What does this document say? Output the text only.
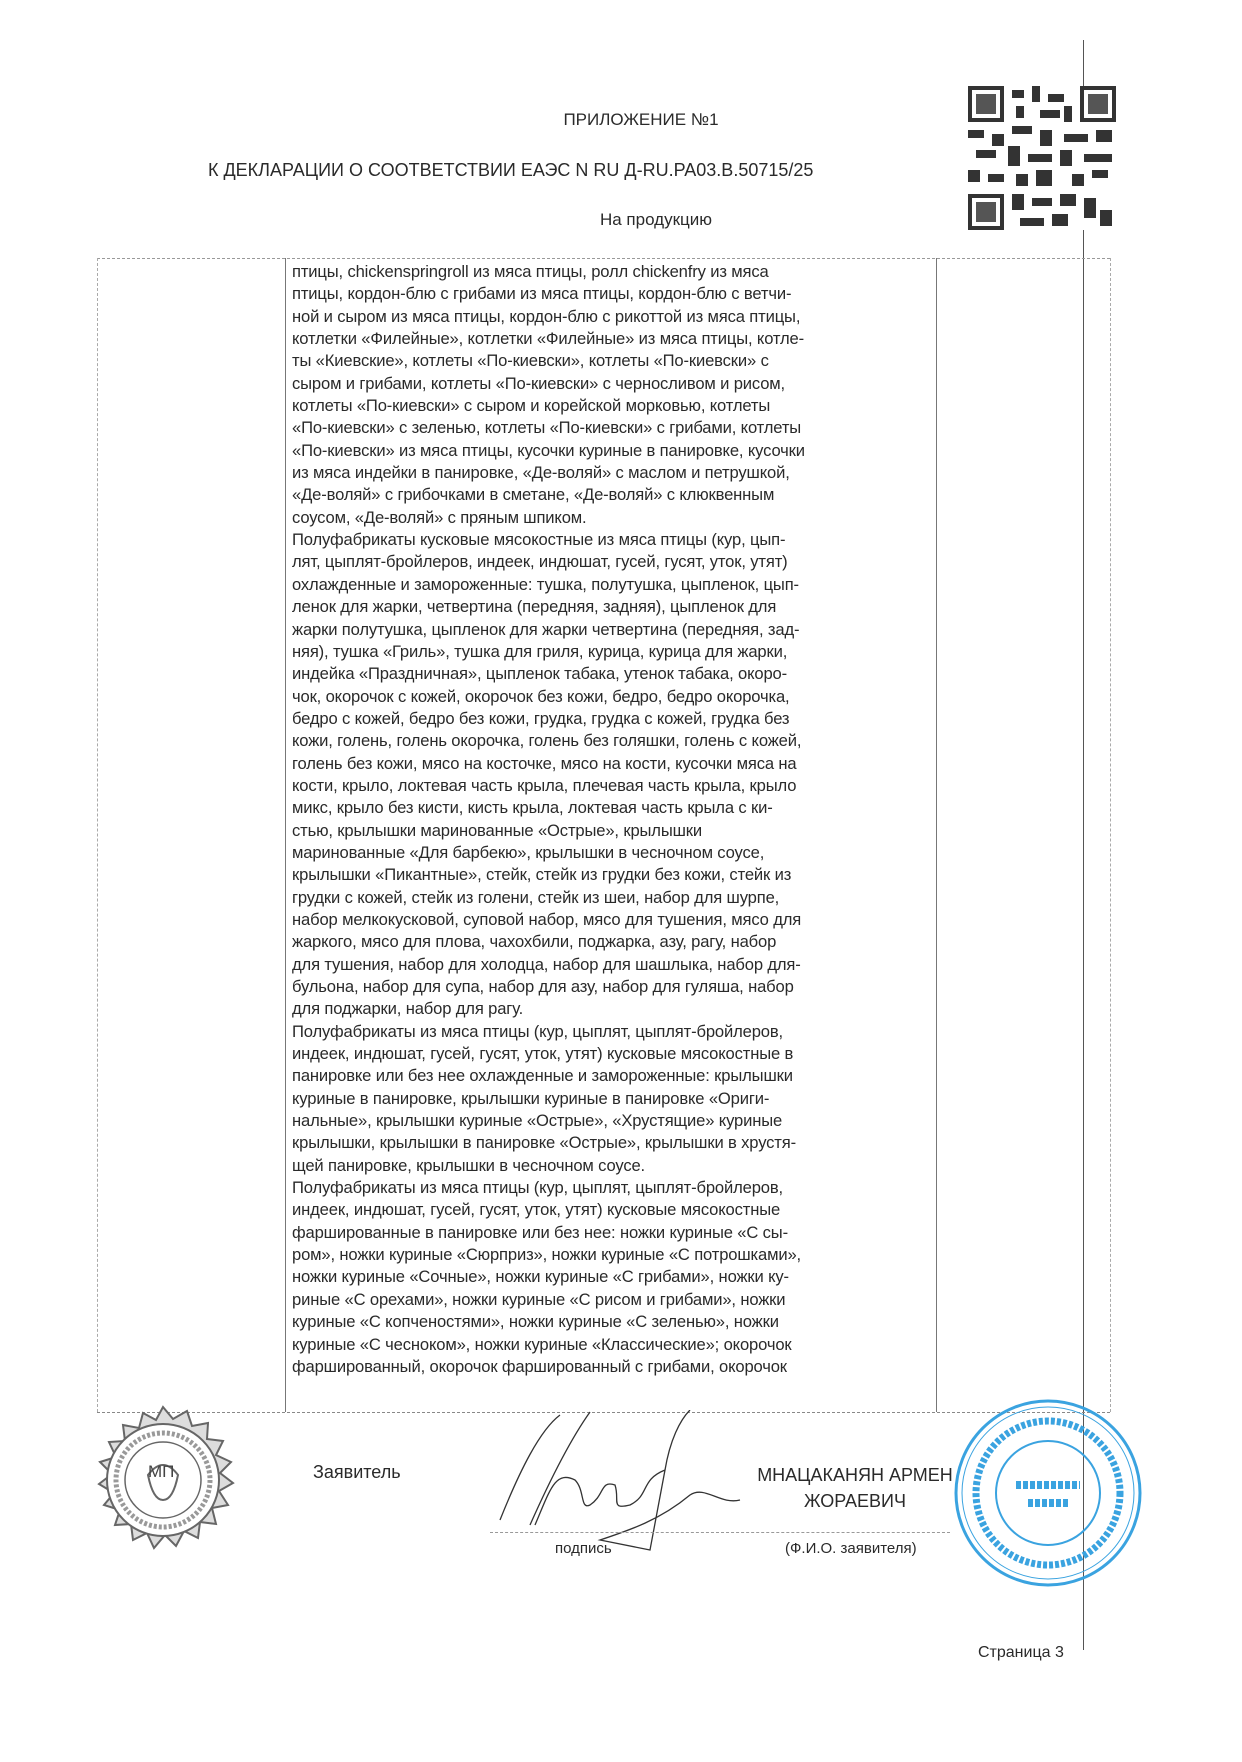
ПРИЛОЖЕНИЕ №1
К ДЕКЛАРАЦИИ О СООТВЕТСТВИИ ЕАЭС N RU Д-RU.PA03.B.50715/25
На продукцию
птицы, chickenspringroll из мяса птицы, ролл chickenfry из мяса
птицы, кордон-блю с грибами из мяса птицы, кордон-блю с ветчи-
ной и сыром из мяса птицы, кордон-блю с рикоттой из мяса птицы,
котлетки «Филейные», котлетки «Филейные» из мяса птицы, котле-
ты «Киевские», котлеты «По-киевски», котлеты «По-киевски» с
сыром и грибами, котлеты «По-киевски» с черносливом и рисом,
котлеты «По-киевски» с сыром и корейской морковью, котлеты
«По-киевски» с зеленью, котлеты «По-киевски» с грибами, котлеты
«По-киевски» из мяса птицы, кусочки куриные в панировке, кусочки
из мяса индейки в панировке, «Де-воляй» с маслом и петрушкой,
«Де-воляй» с грибочками в сметане, «Де-воляй» с клюквенным
соусом, «Де-воляй» с пряным шпиком.
Полуфабрикаты кусковые мясокостные из мяса птицы (кур, цып-
лят, цыплят-бройлеров, индеек, индюшат, гусей, гусят, уток, утят)
охлажденные и замороженные: тушка, полутушка, цыпленок, цып-
ленок для жарки, четвертина (передняя, задняя), цыпленок для
жарки полутушка, цыпленок для жарки четвертина (передняя, зад-
няя), тушка «Гриль», тушка для гриля, курица, курица для жарки,
индейка «Праздничная», цыпленок табака, утенок табака, окоро-
чок, окорочок с кожей, окорочок без кожи, бедро, бедро окорочка,
бедро с кожей, бедро без кожи, грудка, грудка с кожей, грудка без
кожи, голень, голень окорочка, голень без голяшки, голень с кожей,
голень без кожи, мясо на косточке, мясо на кости, кусочки мяса на
кости, крыло, локтевая часть крыла, плечевая часть крыла, крыло
микс, крыло без кисти, кисть крыла, локтевая часть крыла с ки-
стью, крылышки маринованные «Острые», крылышки
маринованные «Для барбекю», крылышки в чесночном соусе,
крылышки «Пикантные», стейк, стейк из грудки без кожи, стейк из
грудки с кожей, стейк из голени, стейк из шеи, набор для шурпе,
набор мелкокусковой, суповой набор, мясо для тушения, мясо для
жаркого, мясо для плова, чахохбили, поджарка, азу, рагу, набор
для тушения, набор для холодца, набор для шашлыка, набор для-
бульона, набор для супа, набор для азу, набор для гуляша, набор
для поджарки, набор для рагу.
Полуфабрикаты из мяса птицы (кур, цыплят, цыплят-бройлеров,
индеек, индюшат, гусей, гусят, уток, утят) кусковые мясокостные в
панировке или без нее охлажденные и замороженные: крылышки
куриные в панировке, крылышки куриные в панировке «Ориги-
нальные», крылышки куриные «Острые», «Хрустящие» куриные
крылышки, крылышки в панировке «Острые», крылышки в хрустя-
щей панировке, крылышки в чесночном соусе.
Полуфабрикаты из мяса птицы (кур, цыплят, цыплят-бройлеров,
индеек, индюшат, гусей, гусят, уток, утят) кусковые мясокостные
фаршированные в панировке или без нее: ножки куриные «С сы-
ром», ножки куриные «Сюрприз», ножки куриные «С потрошками»,
ножки куриные «Сочные», ножки куриные «С грибами», ножки ку-
риные «С орехами», ножки куриные «С рисом и грибами», ножки
куриные «С копченостями», ножки куриные «С зеленью», ножки
куриные «С чесноком», ножки куриные «Классические»; окорочок
фаршированный, окорочок фаршированный с грибами, окорочок
МП	Заявитель	МНАЦАКАНЯН АРМЕН
ЖОРАЕВИЧ
подпись	(Ф.И.О. заявителя)
Страница 3
